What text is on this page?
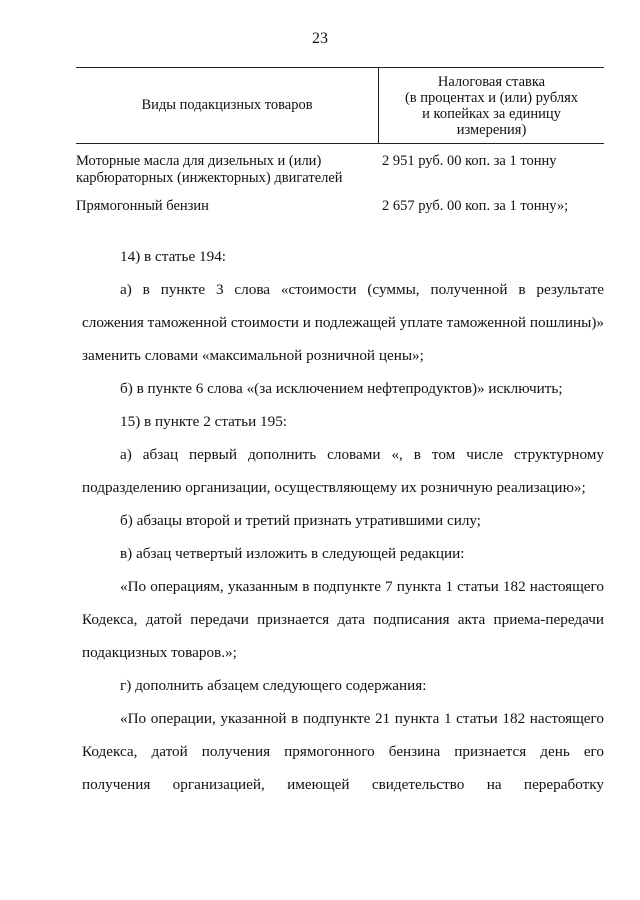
23
Виды подакцизных товаров
Налоговая ставка
(в процентах и (или) рублях
и копейках за единицу
измерения)
Моторные масла для дизельных и (или)
карбюраторных (инжекторных) двигателей
2 951 руб. 00 коп. за 1 тонну
Прямогонный бензин	2 657 руб. 00 коп. за 1 тонну»;

14) в статье 194:

а) в пункте 3 слова «стоимости (суммы, полученной в результате сложения таможенной стоимости и подлежащей уплате таможенной пошлины)» заменить словами «максимальной розничной цены»;

б) в пункте 6 слова «(за исключением нефтепродуктов)» исключить;

15) в пункте 2 статьи 195:

а) абзац первый дополнить словами «, в том числе структурному подразделению организации, осуществляющему их розничную реализацию»;

б) абзацы второй и третий признать утратившими силу;

в) абзац четвертый изложить в следующей редакции:

«По операциям, указанным в подпункте 7 пункта 1 статьи 182 настоящего Кодекса, датой передачи признается дата подписания акта приема-передачи подакцизных товаров.»;

г) дополнить абзацем следующего содержания:

«По операции, указанной в подпункте 21 пункта 1 статьи 182 настоящего Кодекса, датой получения прямогонного бензина признается день его получения организацией, имеющей свидетельство на переработку
